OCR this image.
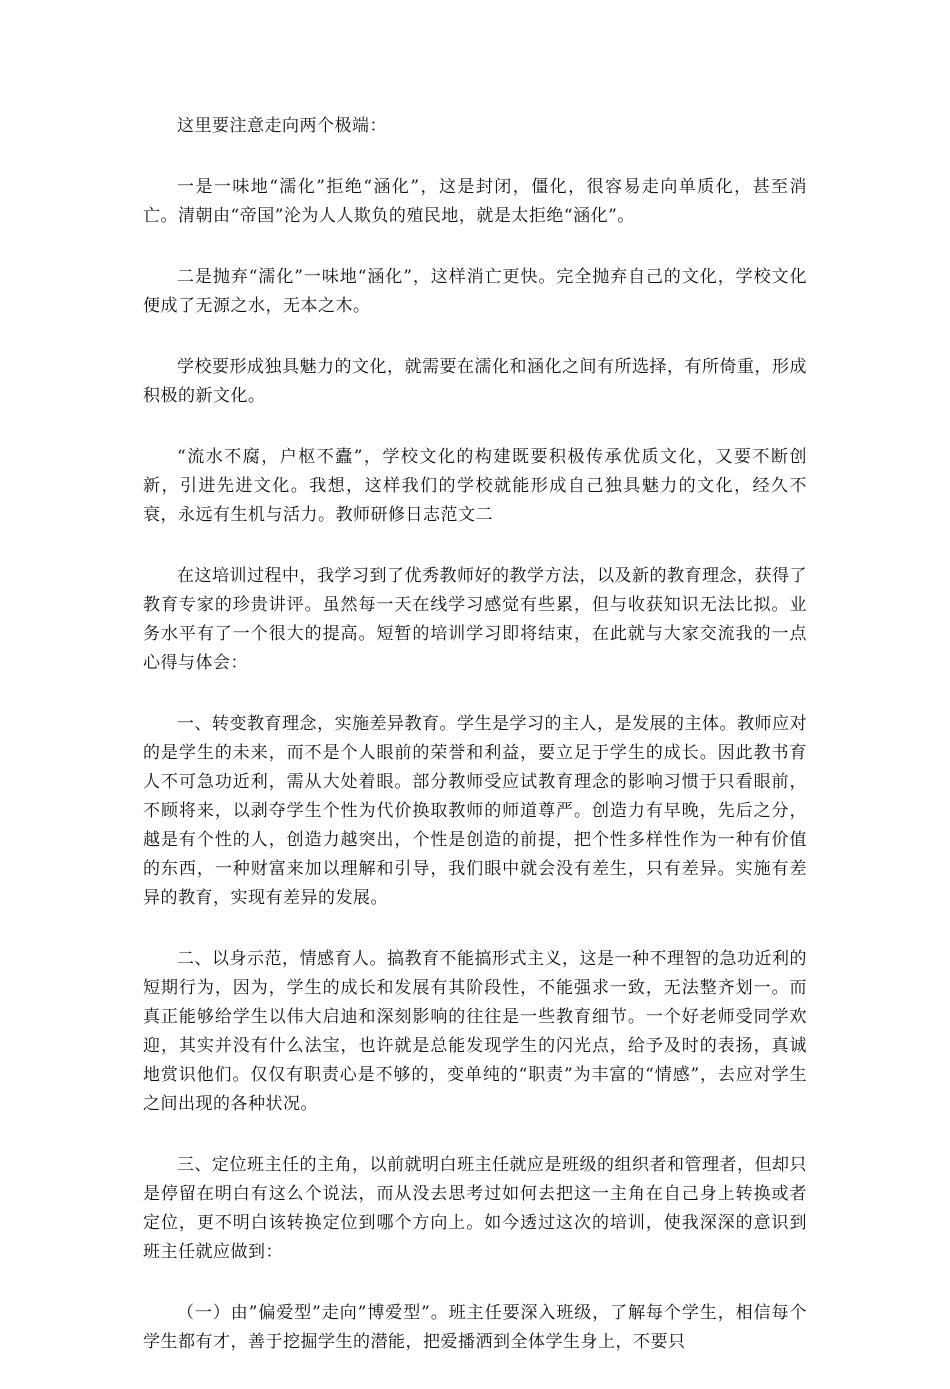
这里要注意走向两个极端：

一是一味地“濡化”拒绝“涵化”，这是封闭，僵化，很容易走向单质化，甚至消亡。清朝由“帝国”沦为人人欺负的殖民地，就是太拒绝“涵化”。

二是抛弃“濡化”一味地“涵化”，这样消亡更快。完全抛弃自己的文化，学校文化便成了无源之水，无本之木。

学校要形成独具魅力的文化，就需要在濡化和涵化之间有所选择，有所倚重，形成积极的新文化。

“流水不腐，户枢不蠹”，学校文化的构建既要积极传承优质文化，又要不断创新，引进先进文化。我想，这样我们的学校就能形成自己独具魅力的文化，经久不衰，永远有生机与活力。教师研修日志范文二

在这培训过程中，我学习到了优秀教师好的教学方法，以及新的教育理念，获得了教育专家的珍贵讲评。虽然每一天在线学习感觉有些累，但与收获知识无法比拟。业务水平有了一个很大的提高。短暂的培训学习即将结束，在此就与大家交流我的一点心得与体会：

一、转变教育理念，实施差异教育。学生是学习的主人，是发展的主体。教师应对的是学生的未来，而不是个人眼前的荣誉和利益，要立足于学生的成长。因此教书育人不可急功近利，需从大处着眼。部分教师受应试教育理念的影响习惯于只看眼前，不顾将来，以剥夺学生个性为代价换取教师的师道尊严。创造力有早晚，先后之分，越是有个性的人，创造力越突出，个性是创造的前提，把个性多样性作为一种有价值的东西，一种财富来加以理解和引导，我们眼中就会没有差生，只有差异。实施有差异的教育，实现有差异的发展。

二、以身示范，情感育人。搞教育不能搞形式主义，这是一种不理智的急功近利的短期行为，因为，学生的成长和发展有其阶段性，不能强求一致，无法整齐划一。而真正能够给学生以伟大启迪和深刻影响的往往是一些教育细节。一个好老师受同学欢迎，其实并没有什么法宝，也许就是总能发现学生的闪光点，给予及时的表扬，真诚地赏识他们。仅仅有职责心是不够的，变单纯的“职责”为丰富的“情感”，去应对学生之间出现的各种状况。

三、定位班主任的主角，以前就明白班主任就应是班级的组织者和管理者，但却只是停留在明白有这么个说法，而从没去思考过如何去把这一主角在自己身上转换或者定位，更不明白该转换定位到哪个方向上。如今透过这次的培训，使我深深的意识到班主任就应做到：

（一）由”偏爱型”走向”博爱型”。班主任要深入班级，了解每个学生，相信每个学生都有才，善于挖掘学生的潜能，把爱播洒到全体学生身上，不要只
